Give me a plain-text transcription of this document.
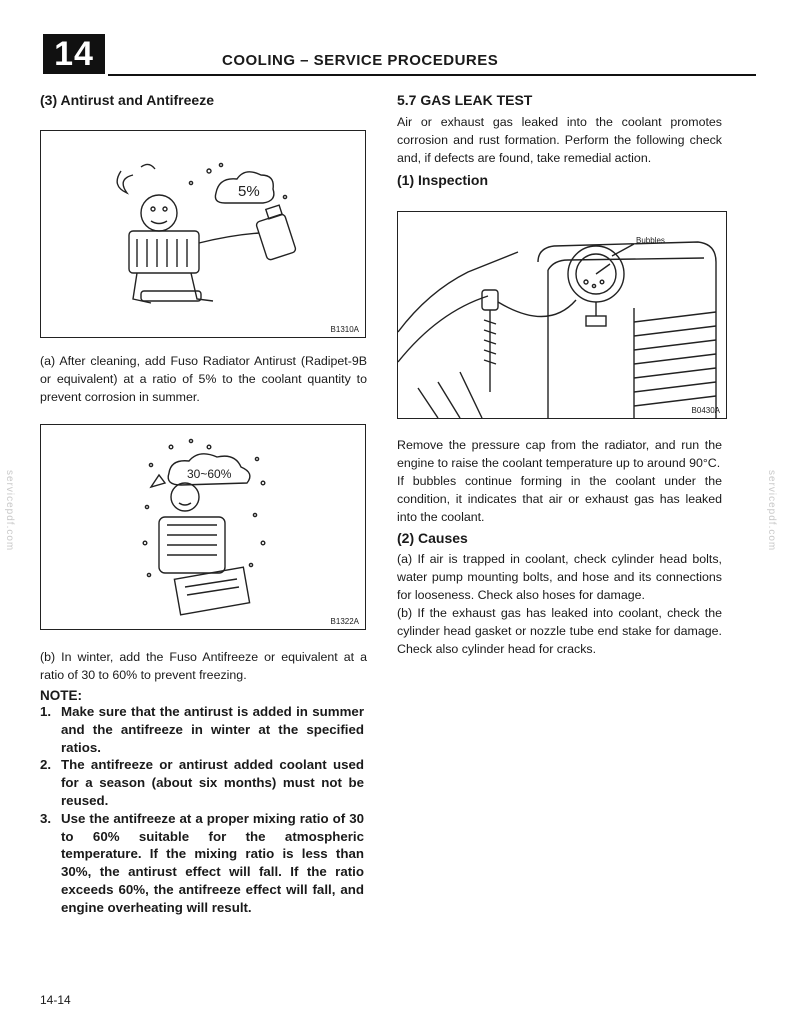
14	COOLING – SERVICE PROCEDURES

(3) Antirust and Antifreeze

5%
B1310A

(a) After cleaning, add Fuso Radiator Antirust (Radipet-9B or equivalent) at a ratio of 5% to the coolant quantity to prevent corrosion in summer.

30~60%
B1322A

(b) In winter, add the Fuso Antifreeze or equivalent at a ratio of 30 to 60% to prevent freezing.

NOTE:

1. Make sure that the antirust is added in summer and the antifreeze in winter at the specified ratios.
2. The antifreeze or antirust added coolant used for a season (about six months) must not be reused.
3. Use the antifreeze at a proper mixing ratio of 30 to 60% suitable for the atmospheric temperature. If the mixing ratio is less than 30%, the antirust effect will fall. If the ratio exceeds 60%, the antifreeze effect will fall, and engine overheating will result.

5.7 GAS LEAK TEST

Air or exhaust gas leaked into the coolant promotes corrosion and rust formation. Perform the following check and, if defects are found, take remedial action.

(1) Inspection

Bubbles
B0430A

Remove the pressure cap from the radiator, and run the engine to raise the coolant temperature up to around 90°C.

If bubbles continue forming in the coolant under the condition, it indicates that air or exhaust gas has leaked into the coolant.

(2) Causes

(a) If air is trapped in coolant, check cylinder head bolts, water pump mounting bolts, and hose and its connections for looseness. Check also hoses for damage.

(b) If the exhaust gas has leaked into coolant, check the cylinder head gasket or nozzle tube end stake for damage. Check also cylinder head for cracks.

14-14
servicepdf.com	servicepdf.com
